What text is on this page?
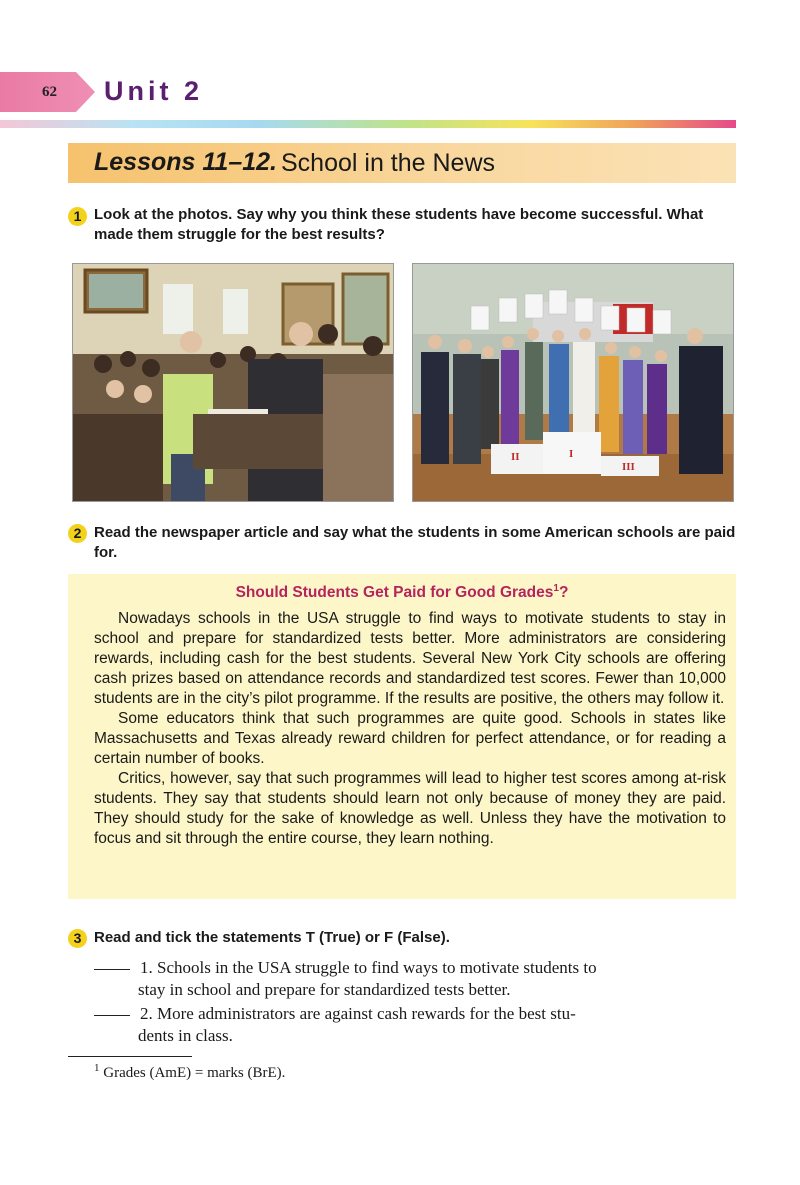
62 Unit 2
Lessons 11–12. School in the News
1 Look at the photos. Say why you think these students have become successful. What made them struggle for the best results?
II	I
III
2 Read the newspaper article and say what the students in some American schools are paid for.
Should Students Get Paid for Good Grades$^1$?

Nowadays schools in the USA struggle to find ways to motivate students to stay in school and prepare for standardized tests better. More administrators are considering rewards, including cash for the best students. Several New York City schools are offering cash prizes based on attendance records and standardized test scores. Fewer than 10,000 students are in the city’s pilot programme. If the results are positive, the others may follow it.

Some educators think that such programmes are quite good. Schools in states like Massachusetts and Texas already reward children for perfect attendance, or for reading a certain number of books.

Critics, however, say that such programmes will lead to higher test scores among at-risk students. They say that students should learn not only because of money they are paid. They should study for the sake of knowledge as well. Unless they have the motivation to focus and sit through the entire course, they learn nothing.

3 Read and tick the statements T (True) or F (False).
1. Schools in the USA struggle to find ways to motivate students to
stay in school and prepare for standardized tests better.
2. More administrators are against cash rewards for the best stu-
dents in class.
$^1$ Grades (AmE) = marks (BrE).
